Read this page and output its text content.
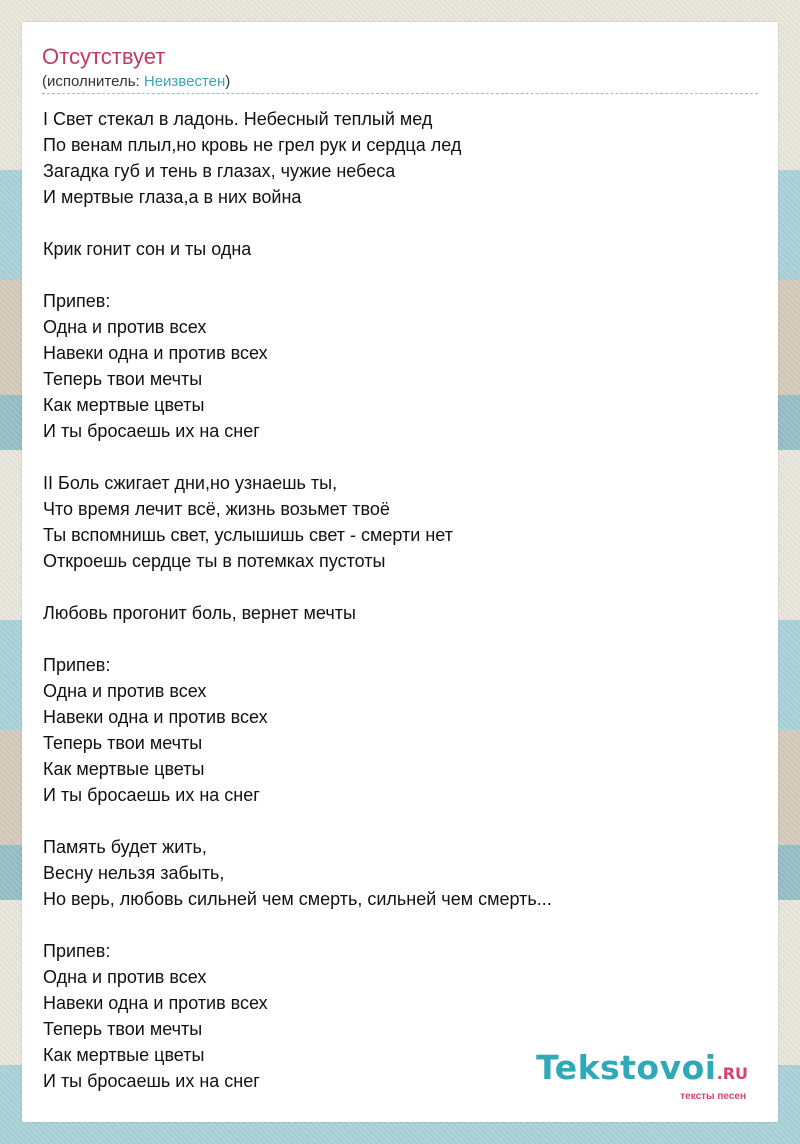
Отсутствует
(исполнитель: Неизвестен)
I Свет стекал в ладонь. Небесный теплый мед
По венам плыл,но кровь не грел рук и сердца лед
Загадка губ и тень в глазах, чужие небеса
И мертвые глаза,а в них война
Крик гонит сон и ты одна
Припев:
Одна и против всех
Навеки одна и против всех
Теперь твои мечты
Как мертвые цветы
И ты бросаешь их на снег
II Боль сжигает дни,но узнаешь ты,
Что время лечит всё, жизнь возьмет твоё
Ты вспомнишь свет, услышишь свет - смерти нет
Откроешь сердце ты в потемках пустоты
Любовь прогонит боль, вернет мечты
Припев:
Одна и против всех
Навеки одна и против всех
Теперь твои мечты
Как мертвые цветы
И ты бросаешь их на снег
Память будет жить,
Весну нельзя забыть,
Но верь, любовь сильней чем смерть, сильней чем смерть...
Припев:
Одна и против всех
Навеки одна и против всех
Теперь твои мечты
Как мертвые цветы
И ты бросаешь их на снег	Tekstovoi.RU
тексты песен
